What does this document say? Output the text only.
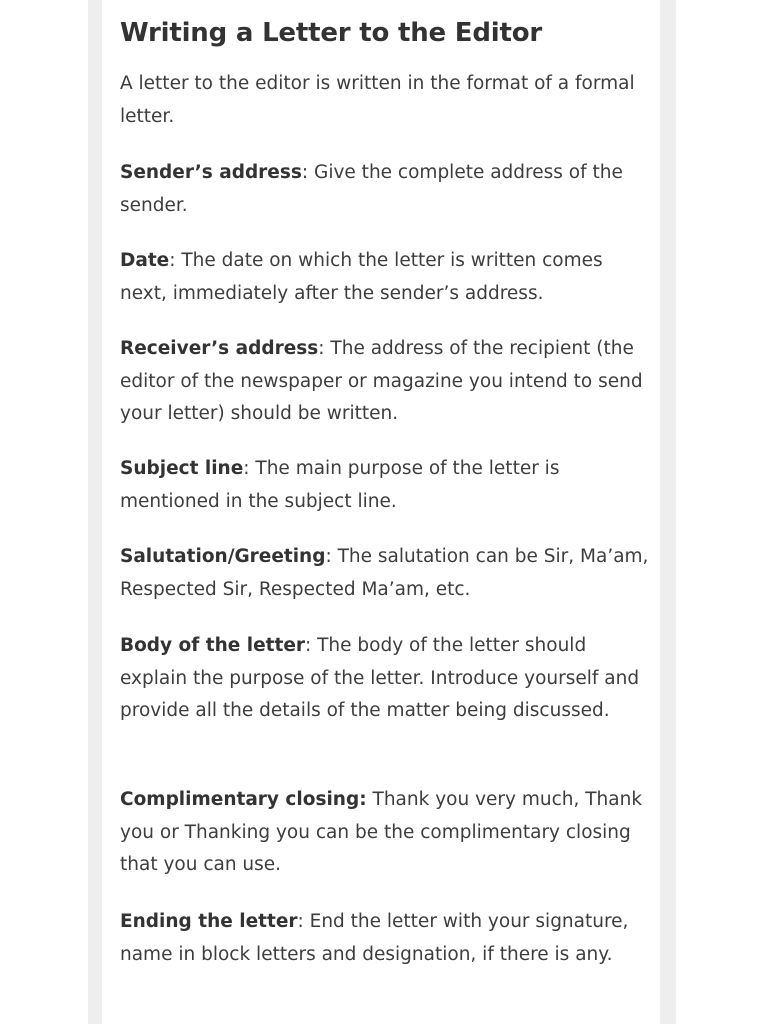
Writing a Letter to the Editor

A letter to the editor is written in the format of a formal letter.

Sender’s address: Give the complete address of the sender.

Date: The date on which the letter is written comes next, immediately after the sender’s address.

Receiver’s address: The address of the recipient (the editor of the newspaper or magazine you intend to send your letter) should be written.

Subject line: The main purpose of the letter is mentioned in the subject line.

Salutation/Greeting: The salutation can be Sir, Ma’am, Respected Sir, Respected Ma’am, etc.

Body of the letter: The body of the letter should explain the purpose of the letter. Introduce yourself and provide all the details of the matter being discussed.

Complimentary closing: Thank you very much, Thank you or Thanking you can be the complimentary closing that you can use.

Ending the letter: End the letter with your signature, name in block letters and designation, if there is any.
